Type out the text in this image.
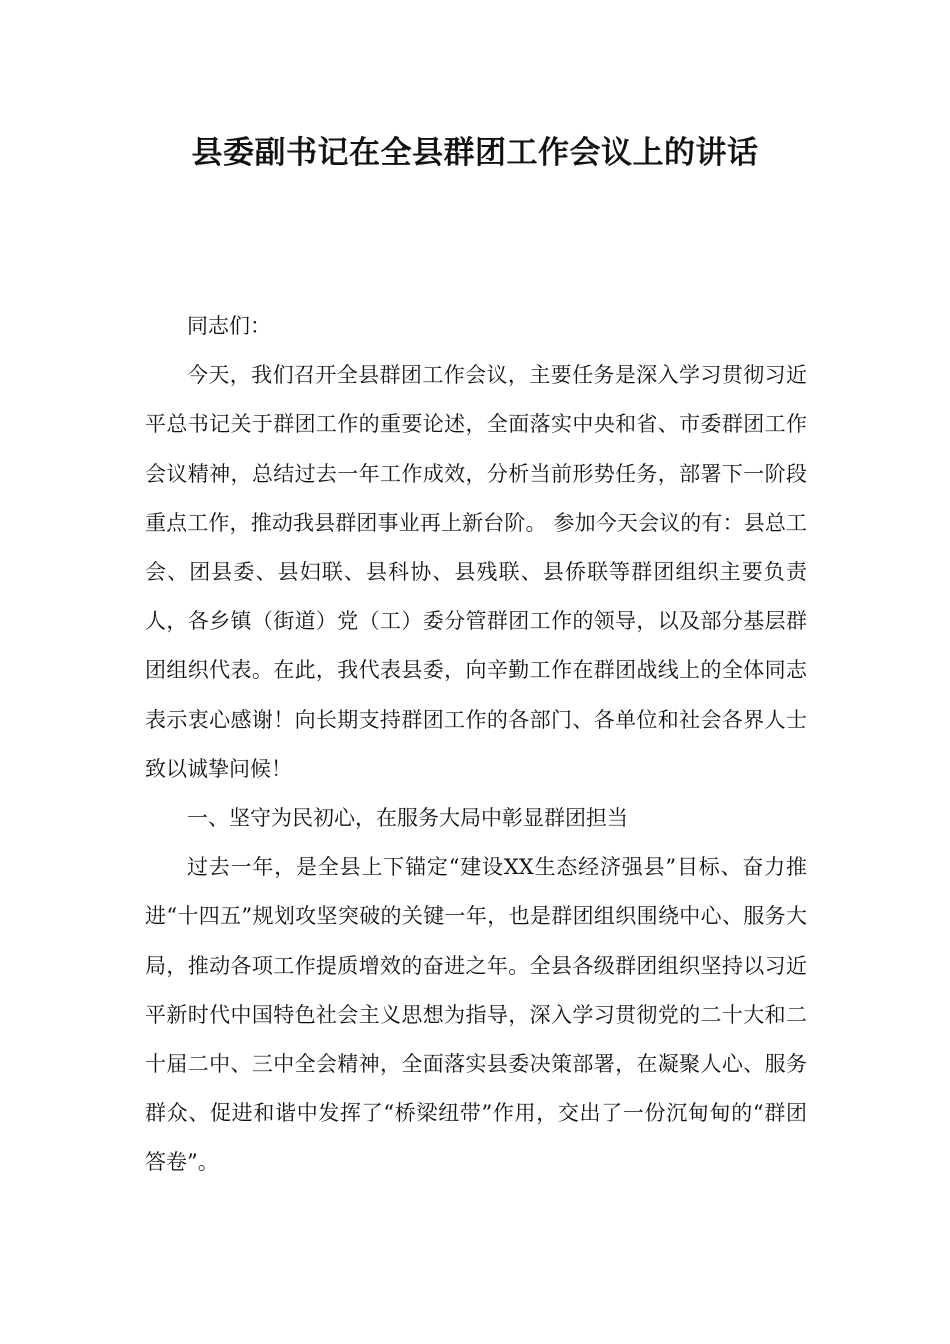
县委副书记在全县群团工作会议上的讲话

同志们：

今天，我们召开全县群团工作会议，主要任务是深入学习贯彻习近平总书记关于群团工作的重要论述，全面落实中央和省、市委群团工作会议精神，总结过去一年工作成效，分析当前形势任务，部署下一阶段重点工作，推动我县群团事业再上新台阶。 参加今天会议的有：县总工会、团县委、县妇联、县科协、县残联、县侨联等群团组织主要负责人，各乡镇（街道）党（工）委分管群团工作的领导，以及部分基层群团组织代表。在此，我代表县委，向辛勤工作在群团战线上的全体同志表示衷心感谢！向长期支持群团工作的各部门、各单位和社会各界人士致以诚挚问候！

一、坚守为民初心，在服务大局中彰显群团担当

过去一年，是全县上下锚定“建设XX生态经济强县”目标、奋力推进“十四五”规划攻坚突破的关键一年，也是群团组织围绕中心、服务大局，推动各项工作提质增效的奋进之年。全县各级群团组织坚持以习近平新时代中国特色社会主义思想为指导，深入学习贯彻党的二十大和二十届二中、三中全会精神，全面落实县委决策部署，在凝聚人心、服务群众、促进和谐中发挥了“桥梁纽带”作用，交出了一份沉甸甸的“群团答卷”。
